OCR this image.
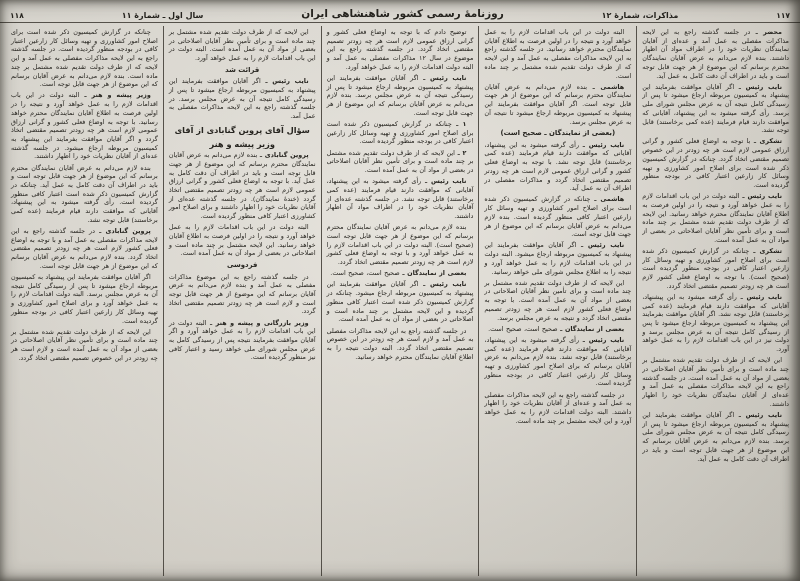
۱۱۷
مذاکرات، شمارهٔ ۱۲
روزنامهٔ رسمی کشور شاهنشاهی ایران
سال اول ـ شمارهٔ ۱۱
۱۱۸

محضر ـ در جلسه گذشته راجع به این لایحه مذاکرات مفصلی به عمل آمد و عده‌ای از آقایان نمایندگان نظریات خود را در اطراف مواد آن اظهار داشتند. بنده لازم می‌دانم به عرض آقایان نمایندگان محترم برسانم که این موضوع از هر جهت قابل توجه است و باید در اطراف آن دقت کامل به عمل آید.

نایب رئیس ـ اگر آقایان موافقت بفرمایند این پیشنهاد به کمیسیون مربوطه ارجاع میشود تا پس از رسیدگی کامل نتیجه آن به عرض مجلس شورای ملی برسد. رأی گرفته میشود به این پیشنهاد، آقایانی که موافقت دارند قیام فرمایند (عده کمی برخاستند) قابل توجه نشد.

تشکری ـ با توجه به اوضاع فعلی کشور و گرانی ارزاق عمومی لازم است هر چه زودتر در این خصوص تصمیم مقتضی اتخاذ گردد. چنانکه در گزارش کمیسیون ذکر شده است برای اصلاح امور کشاورزی و تهیه وسائل کار زارعین اعتبار کافی در بودجه منظور گردیده است.

نایب رئیس ـ البته دولت در این باب اقدامات لازم را به عمل خواهد آورد و نتیجه را در اولین فرصت به اطلاع آقایان نمایندگان محترم خواهد رسانید. این لایحه که از طرف دولت تقدیم شده مشتمل بر چند ماده است و برای تأمین نظر آقایان اصلاحاتی در بعضی از مواد آن به عمل آمده است.

تشکری ـ چنانکه در گزارش کمیسیون ذکر شده است برای اصلاح امور کشاورزی و تهیه وسائل کار زارعین اعتبار کافی در بودجه منظور گردیده است (صحیح است). با توجه به اوضاع فعلی کشور لازم است هر چه زودتر تصمیم مقتضی اتخاذ گردد.

نایب رئیس ـ رأی گرفته میشود به این پیشنهاد، آقایانی که موافقت دارند قیام فرمایند (عده کمی برخاستند) قابل توجه نشد. اگر آقایان موافقت بفرمایند این پیشنهاد به کمیسیون مربوطه ارجاع میشود تا پس از رسیدگی کامل نتیجه آن به عرض مجلس برسد و دولت نیز در این باب اقدامات لازم را به عمل خواهد آورد.

این لایحه که از طرف دولت تقدیم شده مشتمل بر چند ماده است و برای تأمین نظر آقایان اصلاحاتی در بعضی از مواد آن به عمل آمده است. در جلسه گذشته راجع به این لایحه مذاکرات مفصلی به عمل آمد و عده‌ای از آقایان نمایندگان نظریات خود را اظهار داشتند.

نایب رئیس ـ اگر آقایان موافقت بفرمایند این پیشنهاد به کمیسیون مربوطه ارجاع میشود تا پس از رسیدگی کامل نتیجه آن به عرض مجلس شورای ملی برسد. بنده لازم می‌دانم به عرض آقایان برسانم که این موضوع از هر جهت قابل توجه است و باید در اطراف آن دقت کامل به عمل آید.

البته دولت در این باب اقدامات لازم را به عمل خواهد آورد و نتیجه را در اولین فرصت به اطلاع آقایان نمایندگان محترم خواهد رسانید. در جلسه گذشته راجع به این لایحه مذاکرات مفصلی به عمل آمد و این لایحه که از طرف دولت تقدیم شده مشتمل بر چند ماده است.

هاشمی ـ بنده لازم می‌دانم به عرض آقایان نمایندگان محترم برسانم که این موضوع از هر جهت قابل توجه است. اگر آقایان موافقت بفرمایند این پیشنهاد به کمیسیون مربوطه ارجاع میشود تا نتیجه آن به عرض مجلس برسد.

(بعضی از نمایندگان ـ صحیح است)

نایب رئیس ـ رأی گرفته میشود به این پیشنهاد، آقایانی که موافقت دارند قیام فرمایند (عده کمی برخاستند) قابل توجه نشد. با توجه به اوضاع فعلی کشور و گرانی ارزاق عمومی لازم است هر چه زودتر تصمیم مقتضی اتخاذ گردد و مذاکرات مفصلی در اطراف آن به عمل آید.

هاشمی ـ چنانکه در گزارش کمیسیون ذکر شده است برای اصلاح امور کشاورزی و تهیه وسائل کار زارعین اعتبار کافی منظور گردیده است. بنده لازم می‌دانم به عرض آقایان برسانم که این موضوع از هر جهت قابل توجه است.

نایب رئیس ـ اگر آقایان موافقت بفرمایند این پیشنهاد به کمیسیون مربوطه ارجاع میشود. البته دولت در این باب اقدامات لازم را به عمل خواهد آورد و نتیجه را به اطلاع مجلس شورای ملی خواهد رسانید.

این لایحه که از طرف دولت تقدیم شده مشتمل بر چند ماده است و برای تأمین نظر آقایان اصلاحاتی در بعضی از مواد آن به عمل آمده است. با توجه به اوضاع فعلی کشور لازم است هر چه زودتر تصمیم مقتضی اتخاذ گردد و نتیجه به عرض مجلس برسد.

بعضی از نمایندگان ـ صحیح است، صحیح است.

نایب رئیس ـ رأی گرفته میشود به این پیشنهاد، آقایانی که موافقت دارند قیام فرمایند (عده کمی برخاستند) قابل توجه نشد. بنده لازم می‌دانم به عرض آقایان برسانم که برای اصلاح امور کشاورزی و تهیه وسائل کار زارعین اعتبار کافی در بودجه منظور گردیده است.

در جلسه گذشته راجع به این لایحه مذاکرات مفصلی به عمل آمد و عده‌ای از آقایان نظریات خود را اظهار داشتند. البته دولت اقدامات لازم را به عمل خواهد آورد و این لایحه مشتمل بر چند ماده است.

توضیح دادم که با توجه به اوضاع فعلی کشور و گرانی ارزاق عمومی لازم است هر چه زودتر تصمیم مقتضی اتخاذ گردد. در جلسه گذشته راجع به این موضوع در سال ۱۲ مذاکرات مفصلی به عمل آمد و البته دولت اقدامات لازم را به عمل خواهد آورد.

نایب رئیس ـ اگر آقایان موافقت بفرمایند این پیشنهاد به کمیسیون مربوطه ارجاع میشود تا پس از رسیدگی نتیجه آن به عرض مجلس برسد. بنده لازم می‌دانم به عرض آقایان برسانم که این موضوع از هر جهت قابل توجه است.

۱ ـ چنانکه در گزارش کمیسیون ذکر شده است برای اصلاح امور کشاورزی و تهیه وسائل کار زارعین اعتبار کافی در بودجه منظور گردیده است.

۲ ـ این لایحه که از طرف دولت تقدیم شده مشتمل بر چند ماده است و برای تأمین نظر آقایان اصلاحاتی در بعضی از مواد آن به عمل آمده است.

نایب رئیس ـ رأی گرفته میشود به این پیشنهاد، آقایانی که موافقت دارند قیام فرمایند (عده کمی برخاستند) قابل توجه نشد. در جلسه گذشته عده‌ای از آقایان نظریات خود را در اطراف مواد آن اظهار داشتند.

بنده لازم می‌دانم به عرض آقایان نمایندگان محترم برسانم که این موضوع از هر جهت قابل توجه است (صحیح است). البته دولت در این باب اقدامات لازم را به عمل خواهد آورد و با توجه به اوضاع فعلی کشور لازم است هر چه زودتر تصمیم مقتضی اتخاذ گردد.

بعضی از نمایندگان ـ صحیح است، صحیح است.

نایب رئیس ـ اگر آقایان موافقت بفرمایند این پیشنهاد به کمیسیون مربوطه ارجاع میشود. چنانکه در گزارش کمیسیون ذکر شده است اعتبار کافی منظور گردیده و این لایحه مشتمل بر چند ماده است و اصلاحاتی در بعضی از مواد آن به عمل آمده است.

در جلسه گذشته راجع به این لایحه مذاکرات مفصلی به عمل آمد و لازم است هر چه زودتر در این خصوص تصمیم مقتضی اتخاذ گردد. البته دولت نتیجه را به اطلاع آقایان نمایندگان محترم خواهد رسانید.

این لایحه که از طرف دولت تقدیم شده مشتمل بر چند ماده است و برای تأمین نظر آقایان اصلاحاتی در بعضی از مواد آن به عمل آمده است. البته دولت در این باب اقدامات لازم را به عمل خواهد آورد.

قرائت شد

نایب رئیس ـ اگر آقایان موافقت بفرمایند این پیشنهاد به کمیسیون مربوطه ارجاع میشود تا پس از رسیدگی کامل نتیجه آن به عرض مجلس برسد. در جلسه گذشته راجع به این لایحه مذاکرات مفصلی به عمل آمد.

سؤال آقای پروین گنابادی از آقای
وزیر پیشه و هنر

پروین گنابادی ـ بنده لازم می‌دانم به عرض آقایان نمایندگان محترم برسانم که این موضوع از هر جهت قابل توجه است و باید در اطراف آن دقت کامل به عمل آید. با توجه به اوضاع فعلی کشور و گرانی ارزاق عمومی لازم است هر چه زودتر تصمیم مقتضی اتخاذ گردد (خندهٔ نمایندگان). در جلسه گذشته عده‌ای از آقایان نظریات خود را اظهار داشتند و برای اصلاح امور کشاورزی اعتبار کافی منظور گردیده است.

البته دولت در این باب اقدامات لازم را به عمل خواهد آورد و نتیجه را در اولین فرصت به اطلاع آقایان خواهد رسانید. این لایحه مشتمل بر چند ماده است و اصلاحاتی در بعضی از مواد آن به عمل آمده است.

فردوسی

در جلسه گذشته راجع به این موضوع مذاکرات مفصلی به عمل آمد و بنده لازم می‌دانم به عرض آقایان برسانم که این موضوع از هر جهت قابل توجه است و لازم است هر چه زودتر تصمیم مقتضی اتخاذ گردد.

وزیر بازرگانی و پیشه و هنر ـ البته دولت در این باب اقدامات لازم را به عمل خواهد آورد و اگر آقایان موافقت بفرمایند نتیجه پس از رسیدگی کامل به عرض مجلس شورای ملی خواهد رسید و اعتبار کافی نیز منظور گردیده است.

چنانکه در گزارش کمیسیون ذکر شده است برای اصلاح امور کشاورزی و تهیه وسائل کار زارعین اعتبار کافی در بودجه منظور گردیده است. در جلسه گذشته راجع به این لایحه مذاکرات مفصلی به عمل آمد و این لایحه که از طرف دولت تقدیم شده مشتمل بر چند ماده است. بنده لازم می‌دانم به عرض آقایان برسانم که این موضوع از هر جهت قابل توجه است.

وزیر پیشه و هنر ـ البته دولت در این باب اقدامات لازم را به عمل خواهد آورد و نتیجه را در اولین فرصت به اطلاع آقایان نمایندگان محترم خواهد رسانید. با توجه به اوضاع فعلی کشور و گرانی ارزاق عمومی لازم است هر چه زودتر تصمیم مقتضی اتخاذ گردد و اگر آقایان موافقت بفرمایند این پیشنهاد به کمیسیون مربوطه ارجاع میشود. در جلسه گذشته عده‌ای از آقایان نظریات خود را اظهار داشتند.

بنده لازم می‌دانم به عرض آقایان نمایندگان محترم برسانم که این موضوع از هر جهت قابل توجه است و باید در اطراف آن دقت کامل به عمل آید. چنانکه در گزارش کمیسیون ذکر شده است اعتبار کافی منظور گردیده است. رأی گرفته میشود به این پیشنهاد، آقایانی که موافقت دارند قیام فرمایند (عده کمی برخاستند) قابل توجه نشد.

پروین گنابادی ـ در جلسه گذشته راجع به این لایحه مذاکرات مفصلی به عمل آمد و با توجه به اوضاع فعلی کشور لازم است هر چه زودتر تصمیم مقتضی اتخاذ گردد. بنده لازم می‌دانم به عرض آقایان برسانم که این موضوع از هر جهت قابل توجه است.

اگر آقایان موافقت بفرمایند این پیشنهاد به کمیسیون مربوطه ارجاع میشود تا پس از رسیدگی کامل نتیجه آن به عرض مجلس برسد. البته دولت اقدامات لازم را به عمل خواهد آورد و برای اصلاح امور کشاورزی و تهیه وسائل کار زارعین اعتبار کافی در بودجه منظور گردیده است.

این لایحه که از طرف دولت تقدیم شده مشتمل بر چند ماده است و برای تأمین نظر آقایان اصلاحاتی در بعضی از مواد آن به عمل آمده است و لازم است هر چه زودتر در این خصوص تصمیم مقتضی اتخاذ گردد.
